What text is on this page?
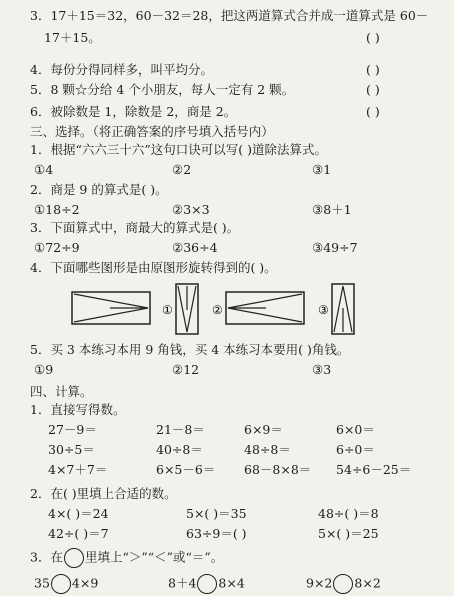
3．17＋15＝32，60－32＝28，把这两道算式合并成一道算式是 60－
17＋15。	( )
4．每份分得同样多，叫平均分。	( )
5．8 颗☆分给 4 个小朋友，每人一定有 2 颗。	( )
6．被除数是 1，除数是 2，商是 2。	( )
三、选择。（将正确答案的序号填入括号内）
1．根据“六六三十六”这句口诀可以写( )道除法算式。
①4	②2	③1
2．商是 9 的算式是( )。
①18÷2	②3×3	③8＋1
3．下面算式中，商最大的算式是( )。
①72÷9	②36÷4	③49÷7
4．下面哪些图形是由原图形旋转得到的( )。
①	②	③
5．买 3 本练习本用 9 角钱，买 4 本练习本要用( )角钱。
①9	②12	③3
四、计算。
1．直接写得数。
27－9＝	21－8＝	6×9＝	6×0＝
30÷5＝	40÷8＝	48÷8＝	6÷0＝
4×7＋7＝	6×5－6＝ 68－8×8＝ 54÷6－25＝
2．在( )里填上合适的数。
4×( )＝24	5×( )＝35	48÷( )＝8
42÷( )＝7	63÷9＝( )	5×( )＝25
3．在 里填上“＞”“＜”或“＝”。
35 4×9	8＋4 8×4	9×2 8×2
